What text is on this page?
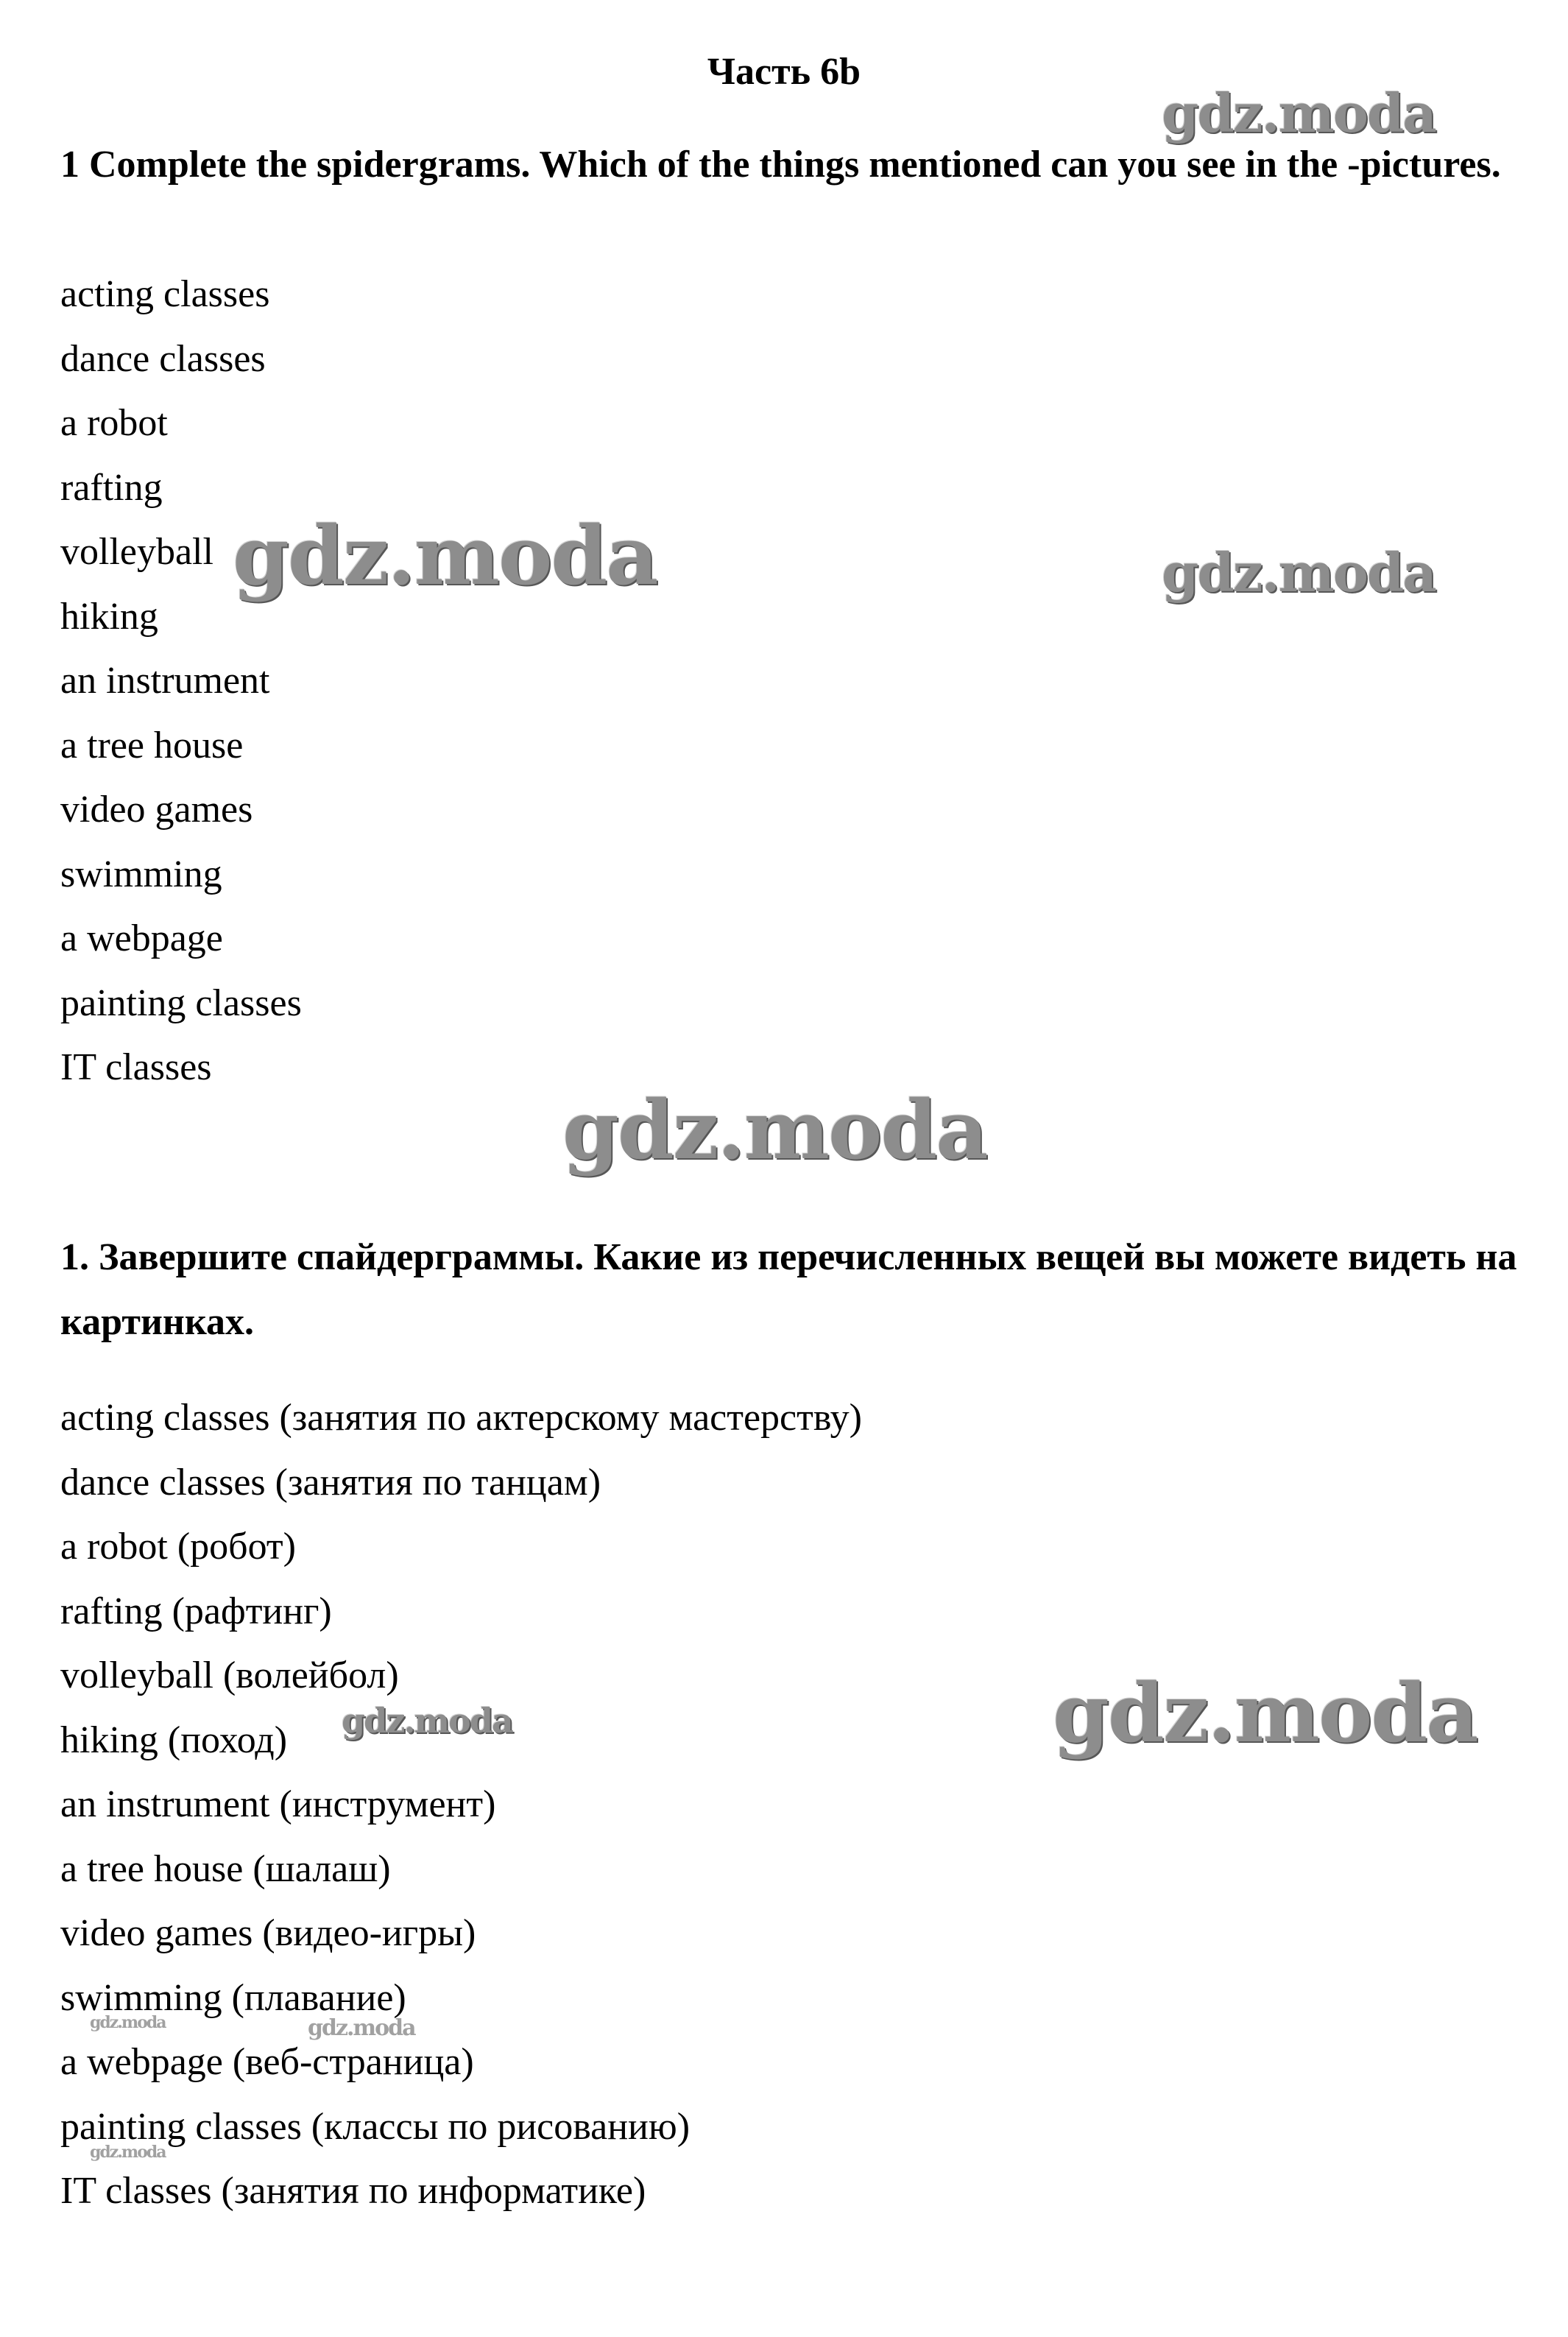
Часть 6b
1 Complete the spidergrams. Which of the things mentioned can you see in the -pictures.
acting classes
dance classes
a robot
rafting
volleyball
hiking
an instrument
a tree house
video games
swimming
a webpage
painting classes
IT classes
1. Завершите спайдерграммы. Какие из перечисленных вещей вы можете видеть на картинках.
acting classes (занятия по актерскому мастерству)
dance classes (занятия по танцам)
a robot (робот)
rafting (рафтинг)
volleyball (волейбол)
hiking (поход)
an instrument (инструмент)
a tree house (шалаш)
video games (видео-игры)
swimming (плавание)
a webpage (веб-страница)
painting classes (классы по рисованию)
IT classes (занятия по информатике)
gdz.moda
gdz.moda	gdz.moda
gdz.moda
gdz.moda
gdz.moda
gdz.moda	gdz.moda
gdz.moda
